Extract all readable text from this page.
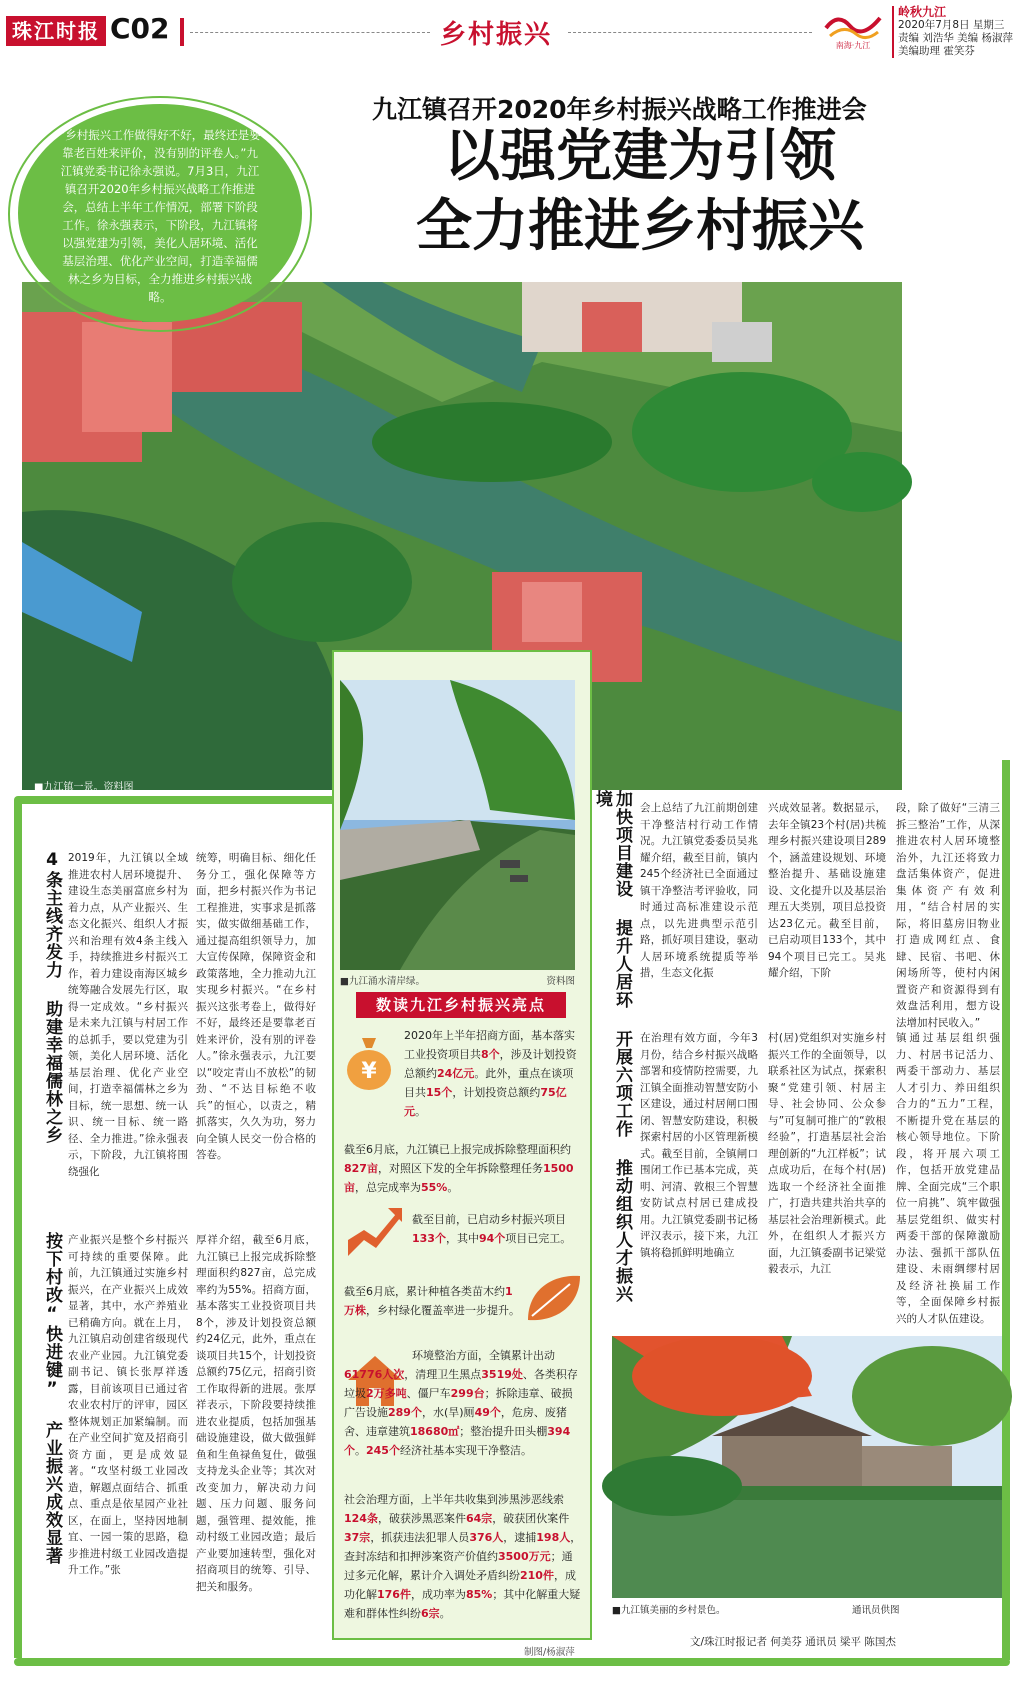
珠江时报 C02	乡村振兴	南海·九江
岭秋九江
2020年7月8日 星期三
责编 刘浩华 美编 杨淑萍
美编助理 霍笑芬
九江镇召开2020年乡村振兴战略工作推进会
以强党建为引领
全力推进乡村振兴
■九江镇一景。资料图
“乡村振兴工作做得好不好，最终还是要靠老百姓来评价，没有别的评卷人。”九江镇党委书记徐永强说。7月3日，九江镇召开2020年乡村振兴战略工作推进会，总结上半年工作情况，部署下阶段工作。徐永强表示，下阶段，九江镇将以强党建为引领，美化人居环境、活化基层治理、优化产业空间，打造幸福儒林之乡为目标，全力推进乡村振兴战略。
4条主线齐发力 助建幸福儒林之乡 2019年，九江镇以全域推进农村人居环境提升、建设生态美丽富庶乡村为着力点，从产业振兴、生态文化振兴、组织人才振兴和治理有效4条主线入手，持续推进乡村振兴工作，着力建设南海区城乡统筹融合发展先行区，取得一定成效。“乡村振兴是未来九江镇与村居工作的总抓手，要以党建为引领，美化人居环境、活化基层治理、优化产业空间，打造幸福儒林之乡为目标，统一思想、统一认识、统一目标、统一路径、全力推进。”徐永强表示，下阶段，九江镇将围绕强化
统筹，明确目标、细化任务分工，强化保障等方面，把乡村振兴作为书记工程推进，实事求是抓落实，做实做细基础工作，通过提高组织领导力，加大宣传保障，保障资金和政策落地，全力推动九江实现乡村振兴。“在乡村振兴这张考卷上，做得好不好，最终还是要靠老百姓来评价，没有别的评卷人。”徐永强表示，九江要以“咬定青山不放松”的韧劲、“不达目标绝不收兵”的恒心，以责之，精抓落实，久久为功，努力向全镇人民交一份合格的答卷。
按下村改“快进键” 产业振兴成效显著 产业振兴是整个乡村振兴可持续的重要保障。此前，九江镇通过实施乡村振兴，在产业振兴上成效显著，其中，水产养殖业已稍确方向。就在上月，九江镇启动创建省级现代农业产业园。九江镇党委副书记、镇长张厚祥透露，目前该项目已通过省农业农村厅的评审，园区整体规划正加紧编制。而在产业空间扩宽及招商引资方面，更是成效显著。“攻坚村级工业园改造，解题点面结合、抓重点、重点是依星园产业社区，在面上，坚持因地制宜、一园一策的思路，稳步推进村级工业园改造提升工作。”张
厚祥介绍，截至6月底，九江镇已上报完成拆除整理面积约827亩，总完成率约为55%。招商方面，基本落实工业投资项目共8个，涉及计划投资总额约24亿元，此外，重点在谈项目共15个，计划投资总额约75亿元，招商引资工作取得新的进展。张厚祥表示，下阶段要持续推进农业提质，包括加强基础设施建设，做大做强鲜鱼和生鱼禄鱼复仕，做强支持龙头企业等；其次对改变加力，解决动力问题、压力问题、服务问题，强管理、提效能，推动村级工业园改造；最后产业要加速转型，强化对招商项目的统筹、引导、把关和服务。
■九江涌水清岸绿。	资料图
数读九江乡村振兴亮点
¥
2020年上半年招商方面，基本落实工业投资项目共8个，涉及计划投资总额约24亿元。此外，重点在谈项目共15个，计划投资总额约75亿元。
截至6月底，九江镇已上报完成拆除整理面积约827亩，对照区下发的全年拆除整理任务1500亩，总完成率为55%。
截至目前，已启动乡村振兴项目133个，其中94个项目已完工。
截至6月底，累计种植各类苗木约1万株，乡村绿化覆盖率进一步提升。
环境整治方面，全镇累计出动61776人次，清理卫生黑点3519处、各类积存垃圾2万多吨、僵尸车299台；拆除违章、破损广告设施289个，水(旱)厕49个，危房、废猪舍、违章建筑18680㎡；整治提升田头棚394个。245个经济社基本实现干净整洁。
社会治理方面，上半年共收集到涉黑涉恶线索124条，破获涉黑恶案件64宗，破获团伙案件37宗，抓获违法犯罪人员376人，逮捕198人，查封冻结和扣押涉案资产价值约3500万元；通过多元化解，累计介入调处矛盾纠纷210件，成功化解176件，成功率为85%；其中化解重大疑难和群体性纠纷6宗。
制图/杨淑萍
加快项目建设 提升人居环境	会上总结了九江前期创建干净整洁村行动工作情况。九江镇党委委员吴兆耀介绍，截至目前，镇内245个经济社已全面通过镇干净整洁考评验收，同时通过高标准建设示范点，以先进典型示范引路，抓好项目建设，驱动人居环境系统提质等举措，生态文化振
兴成效显著。数据显示，去年全镇23个村(居)共梳理乡村振兴建设项目289个，涵盖建设规划、环境整治提升、基础设施建设、文化提升以及基层治理五大类别，项目总投资达23亿元。截至目前，已启动项目133个，其中94个项目已完工。吴兆耀介绍，下阶
段，除了做好“三清三拆三整治”工作，从深推进农村人居环境整治外，九江还将致力盘活集体资产，促进集体资产有效利用，“结合村居的实际，将旧墓房旧物业打造成网红点、食肆、民宿、书吧、休闲场所等，使村内闲置资产和资源得到有效盘活利用，想方设法增加村民收入。”
开展六项工作 推动组织人才振兴 在治理有效方面，今年3月份，结合乡村振兴战略部署和疫情防控需要，九江镇全面推动智慧安防小区建设，通过村居闸口围闭、智慧安防建设，积极探索村居的小区管理新模式。截至目前，全镇闸口围闭工作已基本完成，英明、河清、敦根三个智慧安防试点村居已建成投用。九江镇党委副书记杨评汉表示，接下来，九江镇将稳抓鲜明地确立
村(居)党组织对实施乡村振兴工作的全面领导，以联系社区为试点，探索积聚“党建引领、村居主导、社会协同、公众参与”可复制可推广的“敦根经验”，打造基层社会治理创新的“九江样板”；试点成功后，在每个村(居)选取一个经济社全面推广，打造共建共治共享的基层社会治理新模式。此外，在组织人才振兴方面，九江镇委副书记梁觉毅表示，九江
镇通过基层组织强力、村居书记活力、两委干部动力、基层人才引力、养田组织合力的“五力”工程，不断提升党在基层的核心领导地位。下阶段，将开展六项工作，包括开放党建品牌、全面完成“三个职位一肩挑”、筑牢做强基层党组织、做实村两委干部的保障激励办法、强抓干部队伍建设、未雨绸缪村居及经济社换届工作等，全面保障乡村振兴的人才队伍建设。
■九江镇美丽的乡村景色。	通讯员供图
文/珠江时报记者 何美芬 通讯员 梁平 陈国杰
